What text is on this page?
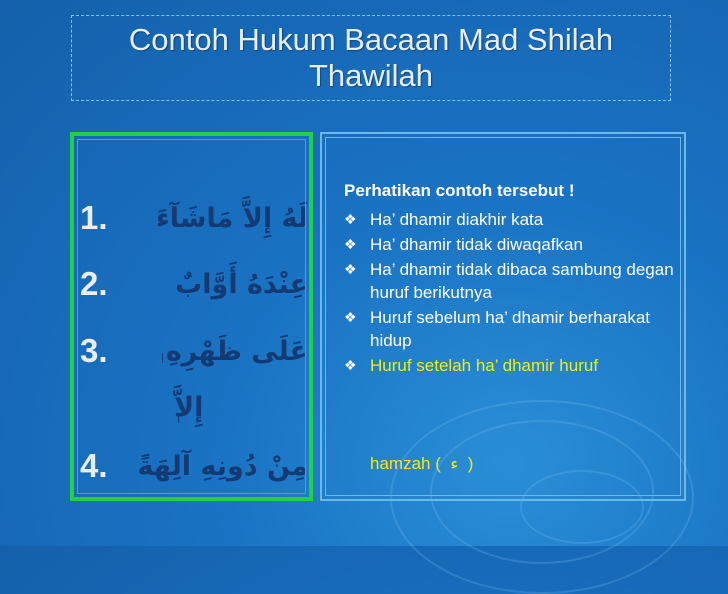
Contoh Hukum Bacaan Mad Shilah
Thawilah
1. لَهُ إِلاَّ مَاشَآءَ
2.	عِنْدَهُ أَوَّابٌ
3. عَلَى ظَهْرِهِ
إِلاَّ
4. مِنْ دُونِهِ آلِهَةً
Perhatikan contoh tersebut !
❖ Ha’ dhamir diakhir kata
❖ Ha’ dhamir tidak diwaqafkan
❖ Ha’ dhamir tidak dibaca sambung degan huruf berikutnya
❖ Huruf sebelum ha’ dhamir berharakat hidup
❖ Huruf setelah ha’ dhamir huruf
hamzah ( ء )
